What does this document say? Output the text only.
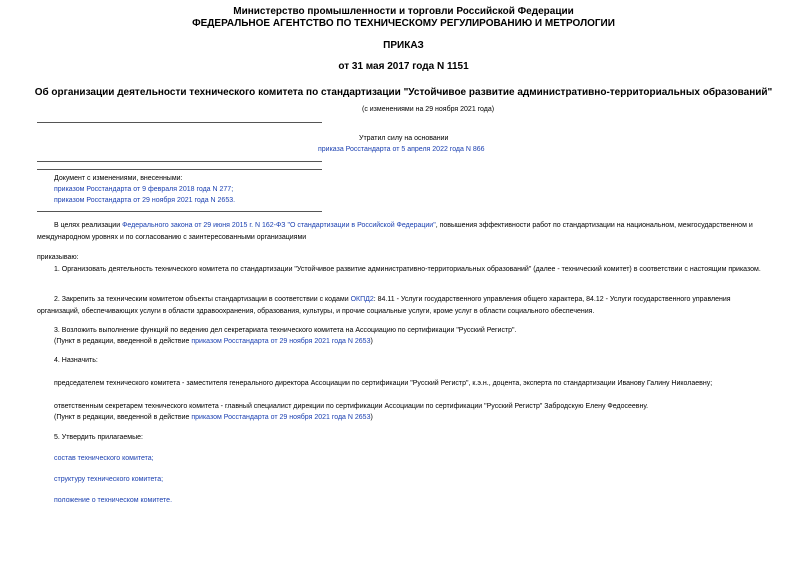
Министерство промышленности и торговли Российской Федерации
ФЕДЕРАЛЬНОЕ АГЕНТСТВО ПО ТЕХНИЧЕСКОМУ РЕГУЛИРОВАНИЮ И МЕТРОЛОГИИ
ПРИКАЗ
от 31 мая 2017 года N 1151
Об организации деятельности технического комитета по стандартизации "Устойчивое развитие административно-территориальных образований"
(с изменениями на 29 ноября 2021 года)
Утратил силу на основании
приказа Росстандарта от 5 апреля 2022 года N 866
Документ с изменениями, внесенными:
приказом Росстандарта от 9 февраля 2018 года N 277;
приказом Росстандарта от 29 ноября 2021 года N 2653.
В целях реализации Федерального закона от 29 июня 2015 г. N 162-ФЗ "О стандартизации в Российской Федерации", повышения эффективности работ по стандартизации на национальном, межгосударственном и международном уровнях и по согласованию с заинтересованными организациями
приказываю:
1. Организовать деятельность технического комитета по стандартизации "Устойчивое развитие административно-территориальных образований" (далее - технический комитет) в соответствии с настоящим приказом.
2. Закрепить за техническим комитетом объекты стандартизации в соответствии с кодами ОКПД2: 84.11 - Услуги государственного управления общего характера, 84.12 - Услуги государственного управления организаций, обеспечивающих услуги в области здравоохранения, образования, культуры, и прочие социальные услуги, кроме услуг в области социального обеспечения.
3. Возложить выполнение функций по ведению дел секретариата технического комитета на Ассоциацию по сертификации "Русский Регистр".
(Пункт в редакции, введенной в действие приказом Росстандарта от 29 ноября 2021 года N 2653)
4. Назначить:
председателем технического комитета - заместителя генерального директора Ассоциации по сертификации "Русский Регистр", к.э.н., доцента, эксперта по стандартизации Иванову Галину Николаевну;
ответственным секретарем технического комитета - главный специалист дирекции по сертификации Ассоциации по сертификации "Русский Регистр" Забродскую Елену Федосеевну.
(Пункт в редакции, введенной в действие приказом Росстандарта от 29 ноября 2021 года N 2653)
5. Утвердить прилагаемые:
состав технического комитета;
структуру технического комитета;
положение о техническом комитете.
